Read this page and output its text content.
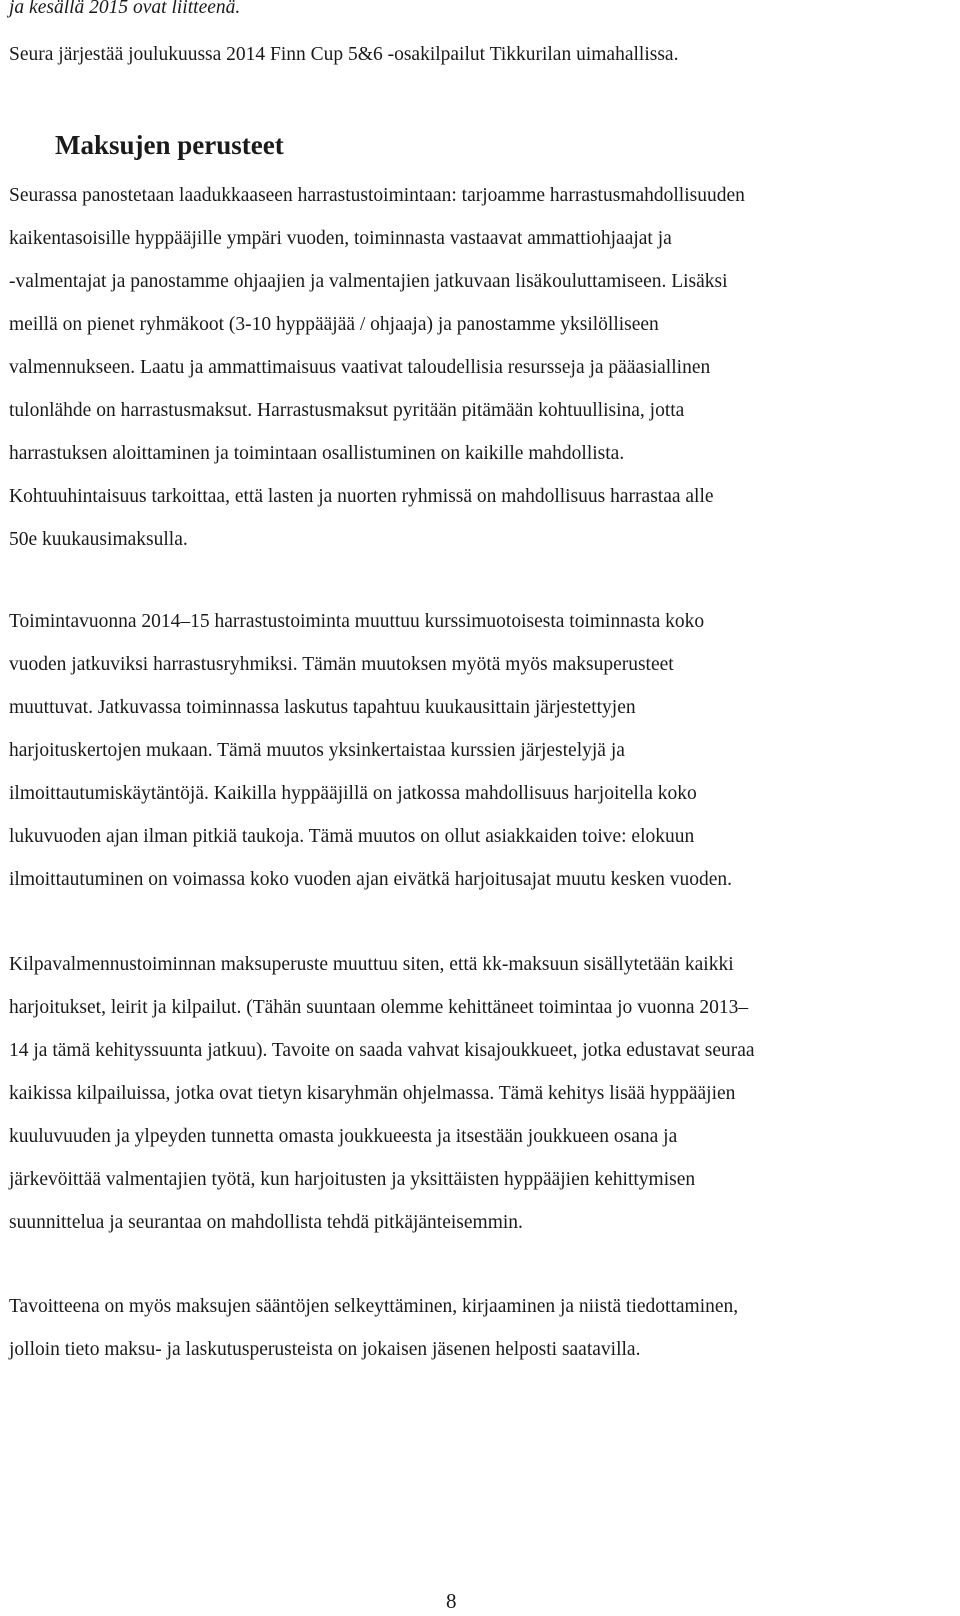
ja kesällä 2015 ovat liitteenä.

Seura järjestää joulukuussa 2014 Finn Cup 5&6 -osakilpailut Tikkurilan uimahallissa.

Maksujen perusteet

Seurassa panostetaan laadukkaaseen harrastustoimintaan: tarjoamme harrastusmahdollisuuden

kaikentasoisille hyppääjille ympäri vuoden, toiminnasta vastaavat ammattiohjaajat ja

-valmentajat ja panostamme ohjaajien ja valmentajien jatkuvaan lisäkouluttamiseen. Lisäksi

meillä on pienet ryhmäkoot (3-10 hyppääjää / ohjaaja) ja panostamme yksilölliseen

valmennukseen. Laatu ja ammattimaisuus vaativat taloudellisia resursseja ja pääasiallinen

tulonlähde on harrastusmaksut. Harrastusmaksut pyritään pitämään kohtuullisina, jotta

harrastuksen aloittaminen ja toimintaan osallistuminen on kaikille mahdollista.

Kohtuuhintaisuus tarkoittaa, että lasten ja nuorten ryhmissä on mahdollisuus harrastaa alle

50e kuukausimaksulla.

Toimintavuonna 2014–15 harrastustoiminta muuttuu kurssimuotoisesta toiminnasta koko

vuoden jatkuviksi harrastusryhmiksi. Tämän muutoksen myötä myös maksuperusteet

muuttuvat. Jatkuvassa toiminnassa laskutus tapahtuu kuukausittain järjestettyjen

harjoituskertojen mukaan. Tämä muutos yksinkertaistaa kurssien järjestelyjä ja

ilmoittautumiskäytäntöjä. Kaikilla hyppääjillä on jatkossa mahdollisuus harjoitella koko

lukuvuoden ajan ilman pitkiä taukoja. Tämä muutos on ollut asiakkaiden toive: elokuun

ilmoittautuminen on voimassa koko vuoden ajan eivätkä harjoitusajat muutu kesken vuoden.

Kilpavalmennustoiminnan maksuperuste muuttuu siten, että kk-maksuun sisällytetään kaikki

harjoitukset, leirit ja kilpailut. (Tähän suuntaan olemme kehittäneet toimintaa jo vuonna 2013–

14 ja tämä kehityssuunta jatkuu). Tavoite on saada vahvat kisajoukkueet, jotka edustavat seuraa

kaikissa kilpailuissa, jotka ovat tietyn kisaryhmän ohjelmassa. Tämä kehitys lisää hyppääjien

kuuluvuuden ja ylpeyden tunnetta omasta joukkueesta ja itsestään joukkueen osana ja

järkevöittää valmentajien työtä, kun harjoitusten ja yksittäisten hyppääjien kehittymisen

suunnittelua ja seurantaa on mahdollista tehdä pitkäjänteisemmin.

Tavoitteena on myös maksujen sääntöjen selkeyttäminen, kirjaaminen ja niistä tiedottaminen,

jolloin tieto maksu- ja laskutusperusteista on jokaisen jäsenen helposti saatavilla.

8
